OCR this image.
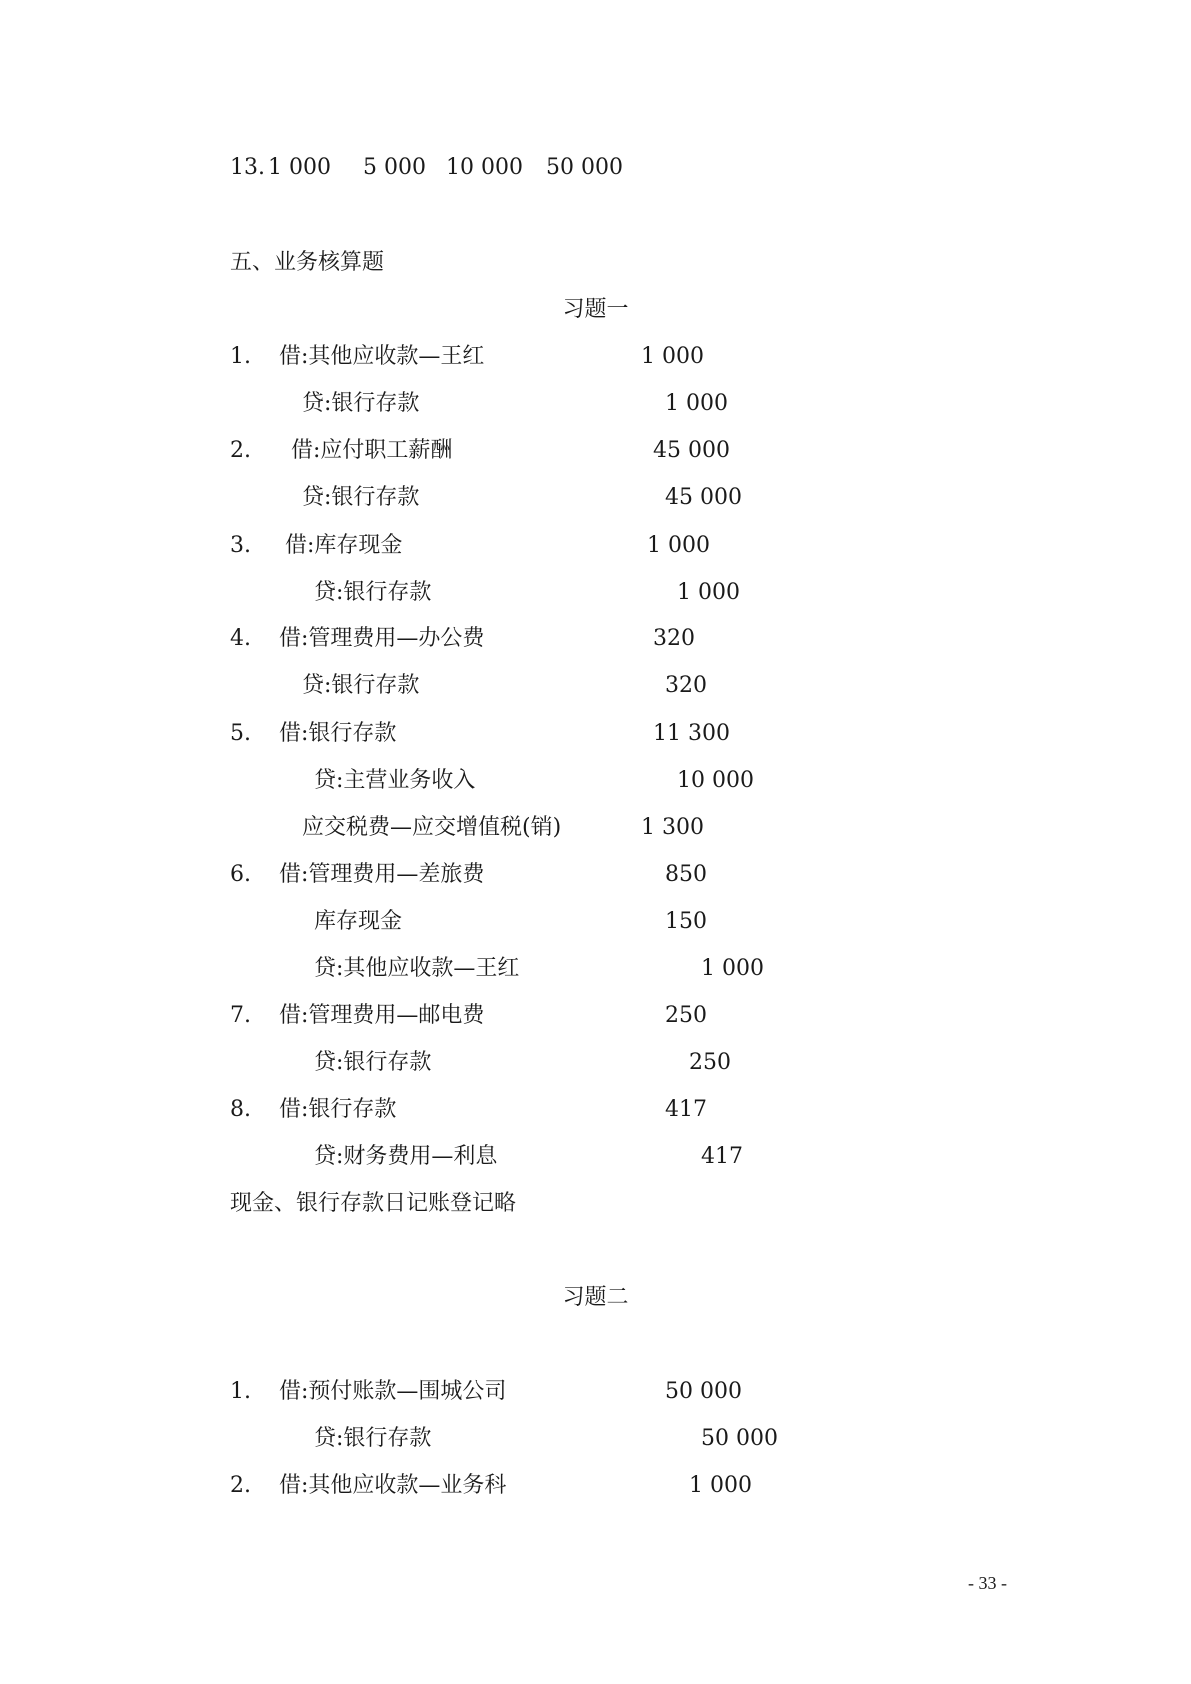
13. 1 000 5 000 10 000 50 000
五、业务核算题
习题一
1. 借:其他应收款—王红	1 000
贷:银行存款	1 000
2. 借:应付职工薪酬	45 000
贷:银行存款	45 000
3. 借:库存现金	1 000
贷:银行存款	1 000
4. 借:管理费用—办公费	320
贷:银行存款	320
5. 借:银行存款	11 300
贷:主营业务收入	10 000
应交税费—应交增值税(销)	1 300
6. 借:管理费用—差旅费	850
库存现金	150
贷:其他应收款—王红	1 000
7. 借:管理费用—邮电费	250
贷:银行存款	250
8. 借:银行存款	417
贷:财务费用—利息	417
现金、银行存款日记账登记略
习题二
1. 借:预付账款—围城公司	50 000
贷:银行存款	50 000
2. 借:其他应收款—业务科	1 000
- 33 -
